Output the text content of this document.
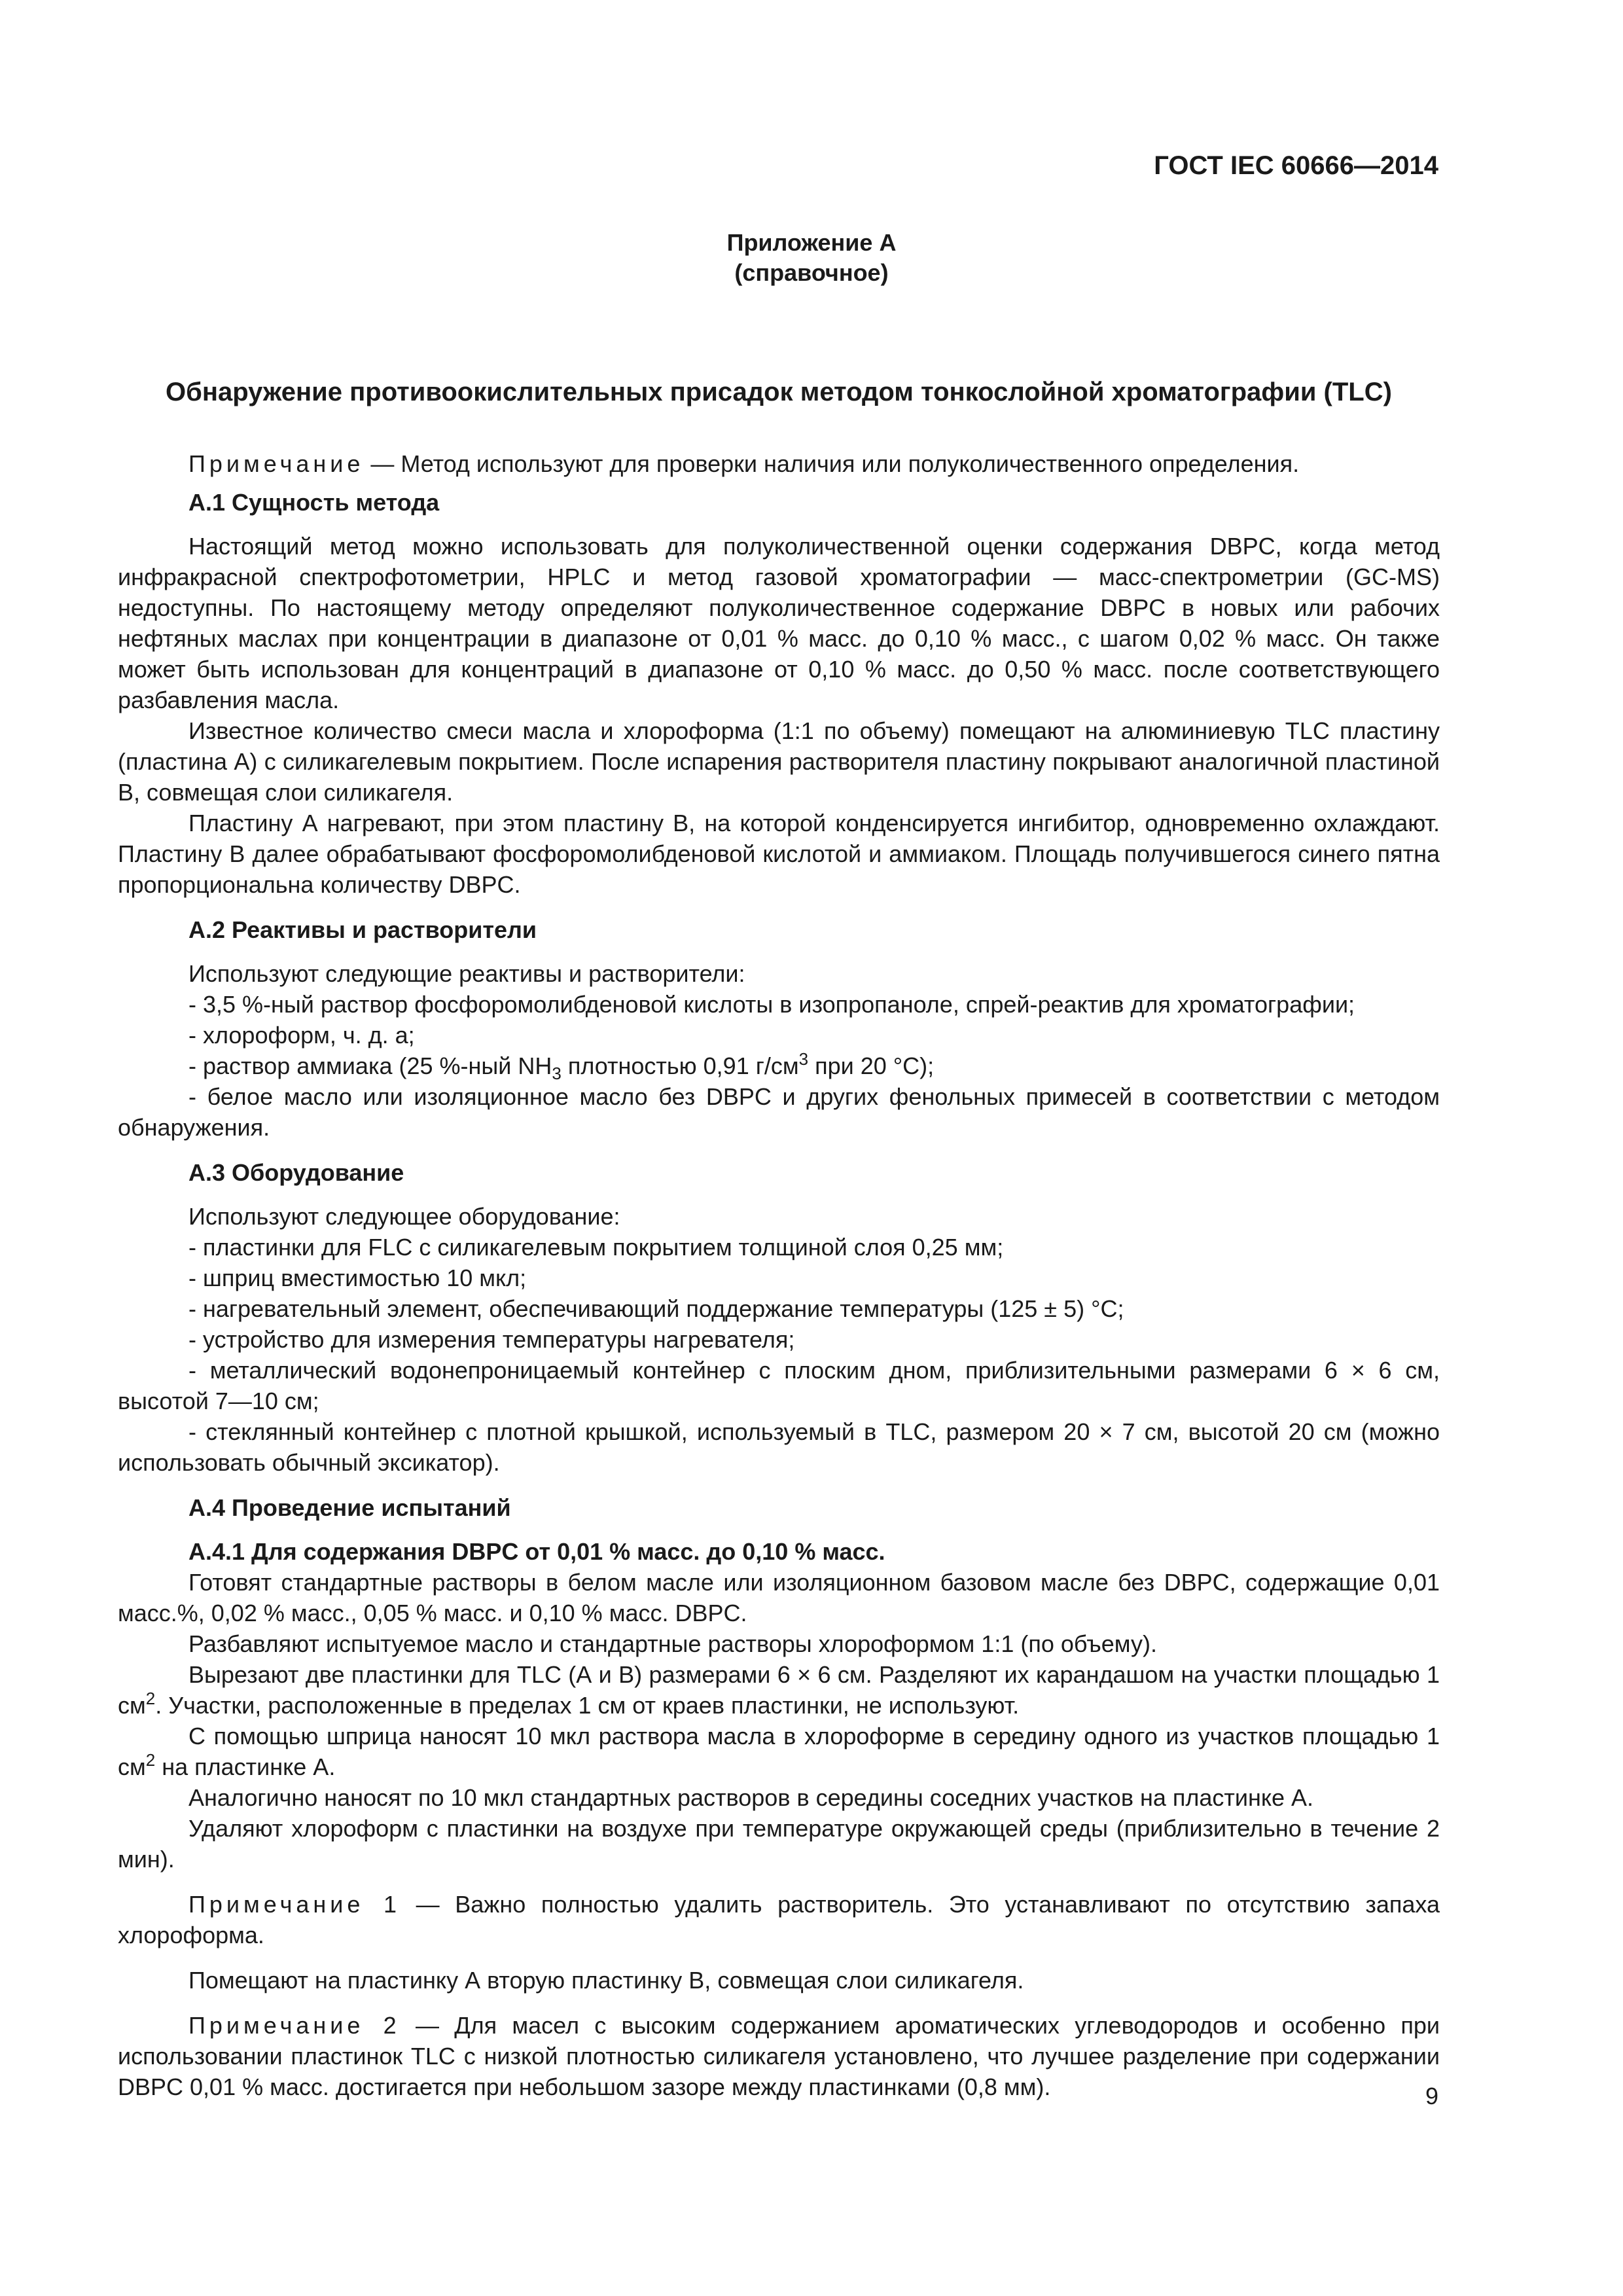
ГОСТ IEC 60666—2014
Приложение А
(справочное)
Обнаружение противоокислительных присадок методом тонкослойной хроматографии (TLC)

Примечание — Метод используют для проверки наличия или полуколичественного определения.

А.1 Сущность метода

Настоящий метод можно использовать для полуколичественной оценки содержания DBPC, когда метод инфракрасной спектрофотометрии, HPLC и метод газовой хроматографии — масс-спектрометрии (GC-MS) недоступны. По настоящему методу определяют полуколичественное содержание DBPC в новых или рабочих нефтяных маслах при концентрации в диапазоне от 0,01 % масс. до 0,10 % масс., с шагом 0,02 % масс. Он также может быть использован для концентраций в диапазоне от 0,10 % масс. до 0,50 % масс. после соответствующего разбавления масла.

Известное количество смеси масла и хлороформа (1:1 по объему) помещают на алюминиевую TLC пластину (пластина А) с силикагелевым покрытием. После испарения растворителя пластину покрывают аналогичной пластиной В, совмещая слои силикагеля.

Пластину А нагревают, при этом пластину В, на которой конденсируется ингибитор, одновременно охлаждают. Пластину В далее обрабатывают фосфоромолибденовой кислотой и аммиаком. Площадь получившегося синего пятна пропорциональна количеству DBPC.

А.2 Реактивы и растворители

Используют следующие реактивы и растворители:

- 3,5 %-ный раствор фосфоромолибденовой кислоты в изопропаноле, спрей-реактив для хроматографии;

- хлороформ, ч. д. а;

- раствор аммиака (25 %-ный $NH_3$ плотностью 0,91 $г/см^3$ при 20 °С);

- белое масло или изоляционное масло без DBPC и других фенольных примесей в соответствии с методом обнаружения.

А.3 Оборудование

Используют следующее оборудование:

- пластинки для FLC с силикагелевым покрытием толщиной слоя 0,25 мм;

- шприц вместимостью 10 мкл;

- нагревательный элемент, обеспечивающий поддержание температуры (125 ± 5) °С;

- устройство для измерения температуры нагревателя;

- металлический водонепроницаемый контейнер с плоским дном, приблизительными размерами 6 × 6 см, высотой 7—10 см;

- стеклянный контейнер с плотной крышкой, используемый в TLC, размером 20 × 7 см, высотой 20 см (можно использовать обычный эксикатор).

А.4 Проведение испытаний

А.4.1 Для содержания DBPC от 0,01 % масс. до 0,10 % масс.

Готовят стандартные растворы в белом масле или изоляционном базовом масле без DBPC, содержащие 0,01 масс.%, 0,02 % масс., 0,05 % масс. и 0,10 % масс. DBPC.

Разбавляют испытуемое масло и стандартные растворы хлороформом 1:1 (по объему).

Вырезают две пластинки для TLC (А и В) размерами 6 × 6 см. Разделяют их карандашом на участки площадью 1 $см^2$. Участки, расположенные в пределах 1 см от краев пластинки, не используют.

С помощью шприца наносят 10 мкл раствора масла в хлороформе в середину одного из участков площадью 1 $см^2$ на пластинке А.

Аналогично наносят по 10 мкл стандартных растворов в середины соседних участков на пластинке А.

Удаляют хлороформ с пластинки на воздухе при температуре окружающей среды (приблизительно в течение 2 мин).

Примечание 1 — Важно полностью удалить растворитель. Это устанавливают по отсутствию запаха хлороформа.

Помещают на пластинку А вторую пластинку В, совмещая слои силикагеля.

Примечание 2 — Для масел с высоким содержанием ароматических углеводородов и особенно при использовании пластинок TLC с низкой плотностью силикагеля установлено, что лучшее разделение при содержании DBPC 0,01 % масс. достигается при небольшом зазоре между пластинками (0,8 мм).	9
